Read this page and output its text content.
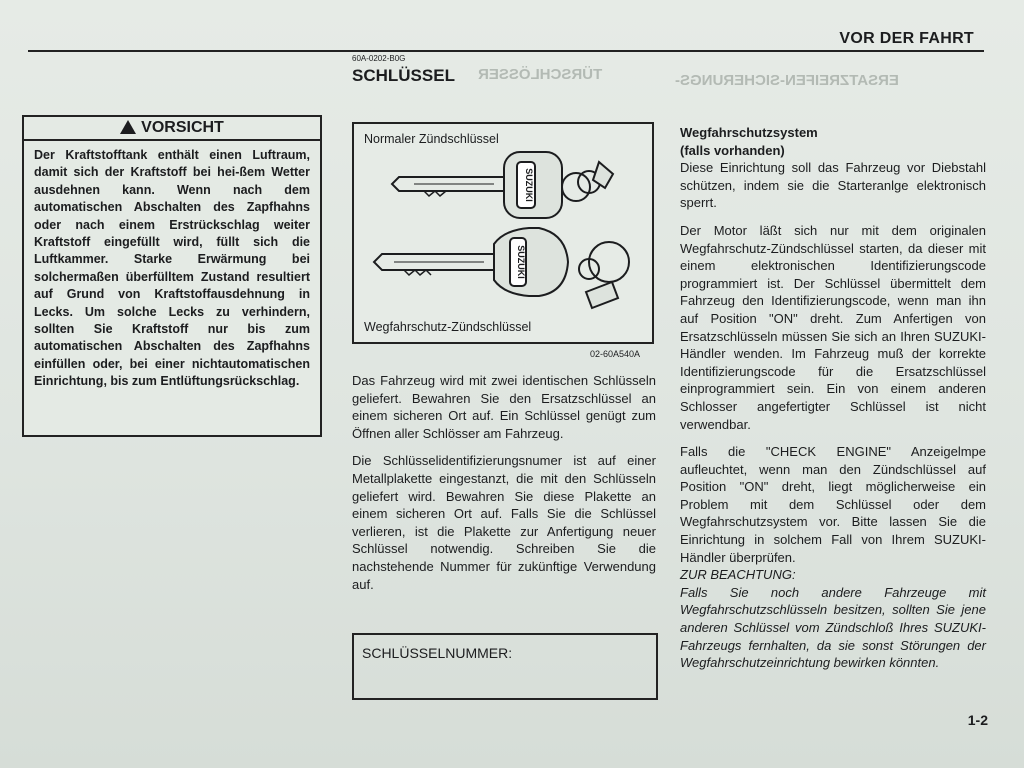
TÜRSCHLÖSSER	ERSATZREIFEN-SICHERUNGS-
VOR DER FAHRT
60A-0202-B0G
SCHLÜSSEL
VORSICHT
Der Kraftstofftank enthält einen Luftraum, damit sich der Kraftstoff bei hei-ßem Wetter ausdehnen kann. Wenn nach dem automatischen Abschalten des Zapfhahns oder nach einem Erstrückschlag weiter Kraftstoff eingefüllt wird, füllt sich die Luftkammer. Starke Erwärmung bei solchermaßen überfülltem Zustand resultiert auf Grund von Kraftstoffausdehnung in Lecks. Um solche Lecks zu verhindern, sollten Sie Kraftstoff nur bis zum automatischen Abschalten des Zapfhahns einfüllen oder, bei einer nichtautomatischen Einrichtung, bis zum Entlüftungsrückschlag.
SUZUKI
SUZUKI
Normaler Zündschlüssel
Wegfahrschutz-Zündschlüssel
02-60A540A

Das Fahrzeug wird mit zwei identischen Schlüsseln geliefert. Bewahren Sie den Ersatzschlüssel an einem sicheren Ort auf. Ein Schlüssel genügt zum Öffnen aller Schlösser am Fahrzeug.

Die Schlüsselidentifizierungsnumer ist auf einer Metallplakette eingestanzt, die mit den Schlüsseln geliefert wird. Bewahren Sie diese Plakette an einem sicheren Ort auf. Falls Sie die Schlüssel verlieren, ist die Plakette zur Anfertigung neuer Schlüssel notwendig. Schreiben Sie die nachstehende Nummer für zukünftige Verwendung auf.

SCHLÜSSELNUMMER:
Wegfahrschutzsystem
(falls vorhanden)

Diese Einrichtung soll das Fahrzeug vor Diebstahl schützen, indem sie die Starteranlge elektronisch sperrt.

Der Motor läßt sich nur mit dem originalen Wegfahrschutz-Zündschlüssel starten, da dieser mit einem elektronischen Identifizierungscode programmiert ist. Der Schlüssel übermittelt dem Fahrzeug den Identifizierungscode, wenn man ihn auf Position "ON" dreht. Zum Anfertigen von Ersatzschlüsseln müssen Sie sich an Ihren SUZUKI-Händler wenden. Im Fahrzeug muß der korrekte Identifizierungscode für die Ersatzschlüssel einprogrammiert sein. Ein von einem anderen Schlosser angefertigter Schlüssel ist nicht verwendbar.

Falls die "CHECK ENGINE" Anzeigelmpe aufleuchtet, wenn man den Zündschlüssel auf Position "ON" dreht, liegt möglicherweise ein Problem mit dem Schlüssel oder dem Wegfahrschutzsystem vor. Bitte lassen Sie die Einrichtung in solchem Fall von Ihrem SUZUKI-Händler überprüfen.

ZUR BEACHTUNG:

Falls Sie noch andere Fahrzeuge mit Wegfahrschutzschlüsseln besitzen, sollten Sie jene anderen Schlüssel vom Zündschloß Ihres SUZUKI-Fahrzeugs fernhalten, da sie sonst Störungen der Wegfahrschutzeinrichtung bewirken könnten.

1-2
